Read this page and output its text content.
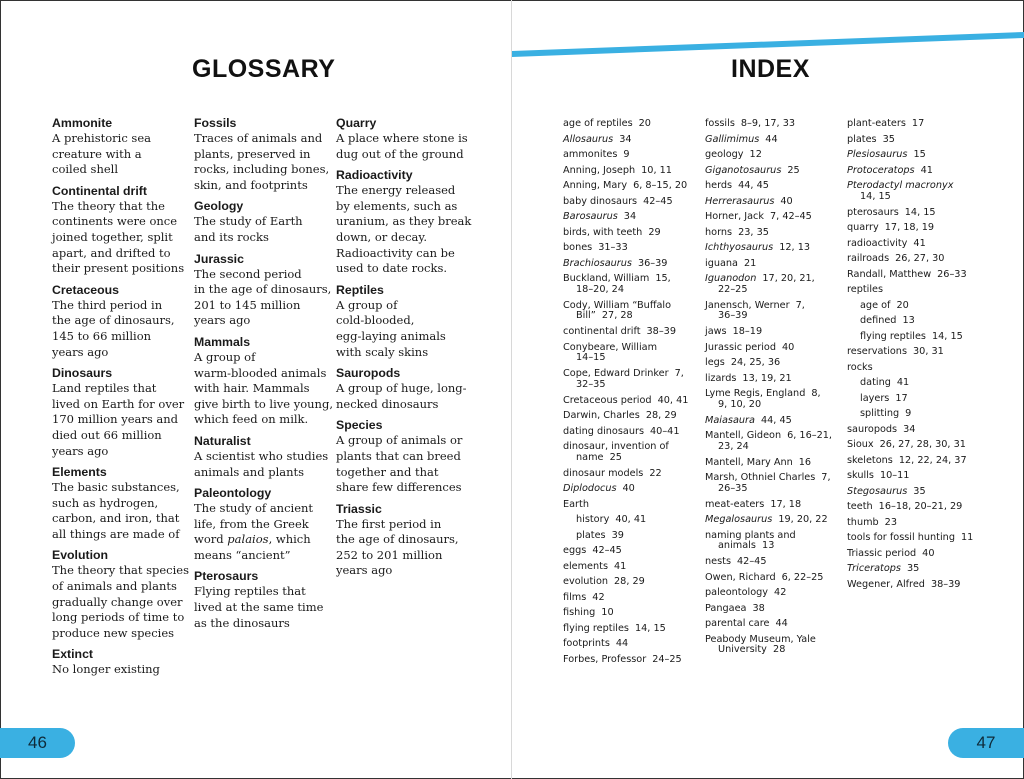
GLOSSARY	INDEX
Ammonite
A prehistoric sea
creature with a
coiled shell
Continental drift
The theory that the
continents were once
joined together, split
apart, and drifted to
their present positions
Cretaceous
The third period in
the age of dinosaurs,
145 to 66 million
years ago
Dinosaurs
Land reptiles that
lived on Earth for over
170 million years and
died out 66 million
years ago
Elements
The basic substances,
such as hydrogen,
carbon, and iron, that
all things are made of
Evolution
The theory that species
of animals and plants
gradually change over
long periods of time to
produce new species
Extinct
No longer existing
Fossils
Traces of animals and
plants, preserved in
rocks, including bones,
skin, and footprints
Geology
The study of Earth
and its rocks
Jurassic
The second period
in the age of dinosaurs,
201 to 145 million
years ago
Mammals
A group of
warm-blooded animals
with hair. Mammals
give birth to live young,
which feed on milk.
Naturalist
A scientist who studies
animals and plants
Paleontology
The study of ancient
life, from the Greek
word palaios, which
means “ancient”
Pterosaurs
Flying reptiles that
lived at the same time
as the dinosaurs
Quarry
A place where stone is
dug out of the ground
Radioactivity
The energy released
by elements, such as
uranium, as they break
down, or decay.
Radioactivity can be
used to date rocks.
Reptiles
A group of
cold-blooded,
egg-laying animals
with scaly skins
Sauropods
A group of huge, long-
necked dinosaurs
Species
A group of animals or
plants that can breed
together and that
share few differences
Triassic
The first period in
the age of dinosaurs,
252 to 201 million
years ago
age of reptiles 20
Allosaurus 34
ammonites 9
Anning, Joseph 10, 11
Anning, Mary 6, 8–15, 20
baby dinosaurs 42–45
Barosaurus 34
birds, with teeth 29
bones 31–33
Brachiosaurus 36–39
Buckland, William 15,
18–20, 24
Cody, William “Buffalo
Bill”  27, 28
continental drift 38–39
Conybeare, William
14–15
Cope, Edward Drinker 7,
32–35
Cretaceous period 40, 41
Darwin, Charles 28, 29
dating dinosaurs 40–41
dinosaur, invention of
name  25
dinosaur models 22
Diplodocus 40
Earth
history 40, 41
plates 39
eggs 42–45
elements 41
evolution 28, 29
films 42
fishing 10
flying reptiles 14, 15
footprints 44
Forbes, Professor 24–25
fossils 8–9, 17, 33
Gallimimus 44
geology 12
Giganotosaurus 25
herds 44, 45
Herrerasaurus 40
Horner, Jack 7, 42–45
horns 23, 35
Ichthyosaurus 12, 13
iguana 21
Iguanodon 17, 20, 21,
22–25
Janensch, Werner 7,
36–39
jaws 18–19
Jurassic period 40
legs 24, 25, 36
lizards 13, 19, 21
Lyme Regis, England 8,
9, 10, 20
Maiasaura 44, 45
Mantell, Gideon 6, 16–21,
23, 24
Mantell, Mary Ann 16
Marsh, Othniel Charles 7,
26–35
meat-eaters 17, 18
Megalosaurus 19, 20, 22
naming plants and
animals  13
nests 42–45
Owen, Richard 6, 22–25
paleontology 42
Pangaea 38
parental care 44
Peabody Museum, Yale
University  28
plant-eaters 17
plates 35
Plesiosaurus 15
Protoceratops 41
Pterodactyl macronyx
14, 15
pterosaurs 14, 15
quarry 17, 18, 19
radioactivity 41
railroads 26, 27, 30
Randall, Matthew 26–33
reptiles
age of 20
defined 13
flying reptiles 14, 15
reservations 30, 31
rocks
dating 41
layers 17
splitting 9
sauropods 34
Sioux 26, 27, 28, 30, 31
skeletons 12, 22, 24, 37
skulls 10–11
Stegosaurus 35
teeth 16–18, 20–21, 29
thumb 23
tools for fossil hunting 11
Triassic period 40
Triceratops 35
Wegener, Alfred 38–39
46	47
